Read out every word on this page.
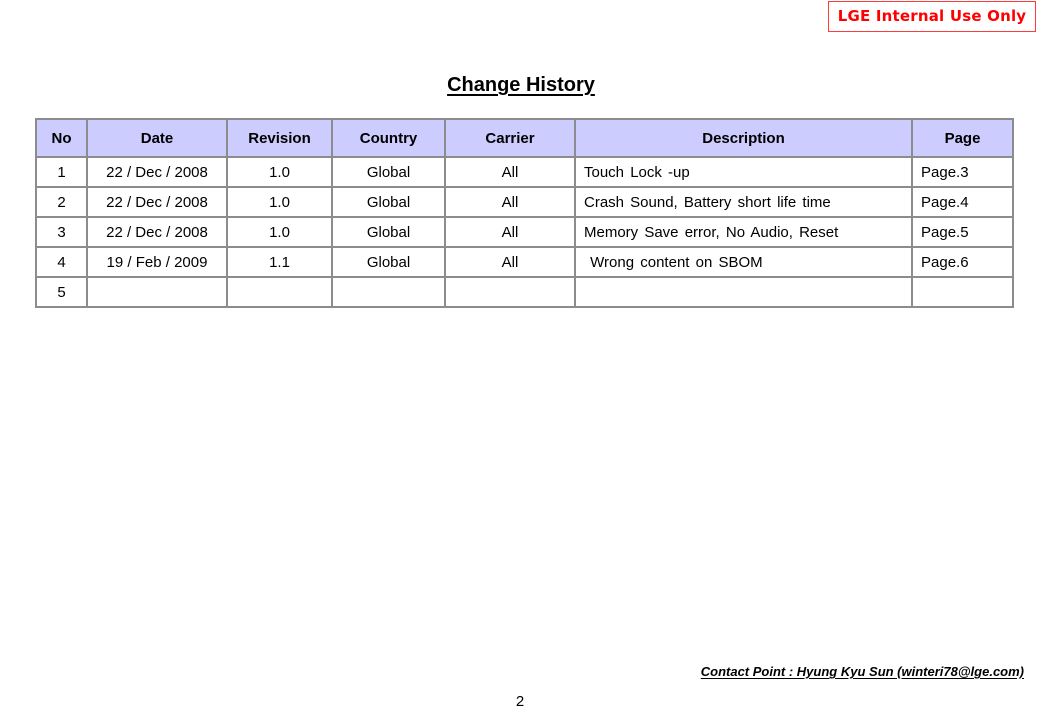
LGE Internal Use Only
Change History
No	Date	Revision	Country	Carrier	Description	Page
1	22 / Dec / 2008	1.0	Global	All	Touch Lock -up	Page.3
2	22 / Dec / 2008	1.0	Global	All	Crash Sound, Battery short life time	Page.4
3	22 / Dec / 2008	1.0	Global	All	Memory Save error, No Audio, Reset	Page.5
4	19 / Feb / 2009	1.1	Global	All	Wrong content on SBOM	Page.6
5						
Contact Point : Hyung Kyu Sun (winteri78@lge.com)
2
